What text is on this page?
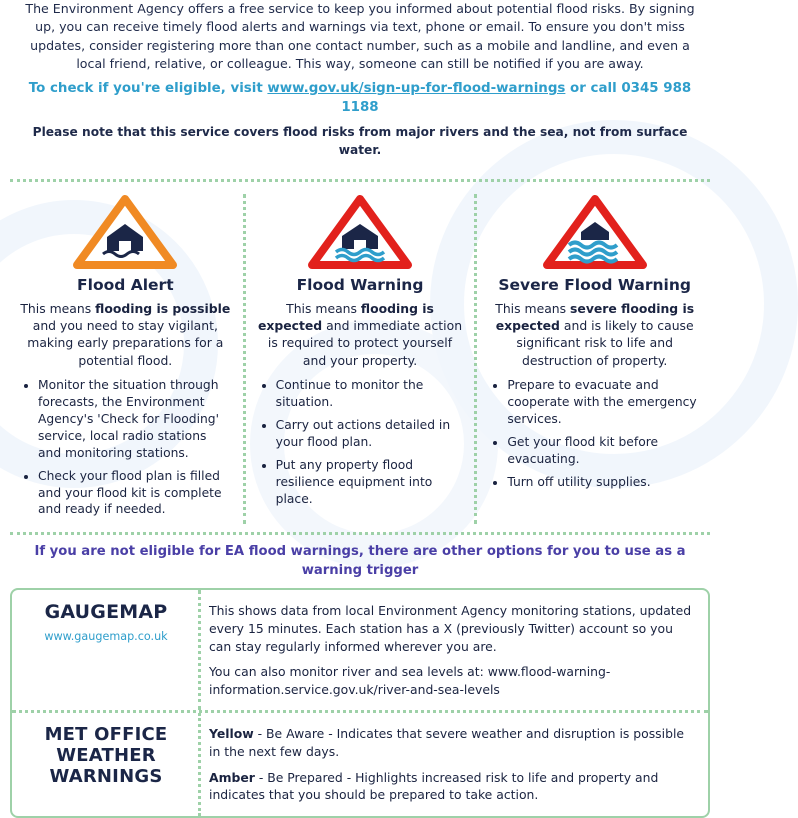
The Environment Agency offers a free service to keep you informed about potential flood risks. By signing up, you can receive timely flood alerts and warnings via text, phone or email. To ensure you don't miss updates, consider registering more than one contact number, such as a mobile and landline, and even a local friend, relative, or colleague. This way, someone can still be notified if you are away.

To check if you're eligible, visit www.gov.uk/sign-up-for-flood-warnings or call 0345 988 1188
Please note that this service covers flood risks from major rivers and the sea, not from surface water.
Flood Alert
This means flooding is possible and you need to stay vigilant, making early preparations for a potential flood.
• Monitor the situation through forecasts, the Environment Agency's 'Check for Flooding' service, local radio stations and monitoring stations.
• Check your flood plan is filled and your flood kit is complete and ready if needed.
Flood Warning
This means flooding is expected and immediate action is required to protect yourself and your property.
• Continue to monitor the situation.
• Carry out actions detailed in your flood plan.
• Put any property flood resilience equipment into place.
Severe Flood Warning
This means severe flooding is expected and is likely to cause significant risk to life and destruction of property.
• Prepare to evacuate and cooperate with the emergency services.
• Get your flood kit before evacuating.
• Turn off utility supplies.
If you are not eligible for EA flood warnings, there are other options for you to use as a warning trigger
GAUGEMAP
www.gaugemap.co.uk

This shows data from local Environment Agency monitoring stations, updated every 15 minutes. Each station has a X (previously Twitter) account so you can stay regularly informed wherever you are.

You can also monitor river and sea levels at: www.flood-warning-information.service.gov.uk/river-and-sea-levels

MET OFFICE WEATHER WARNINGS

Yellow - Be Aware - Indicates that severe weather and disruption is possible in the next few days.

Amber - Be Prepared - Highlights increased risk to life and property and indicates that you should be prepared to take action.
